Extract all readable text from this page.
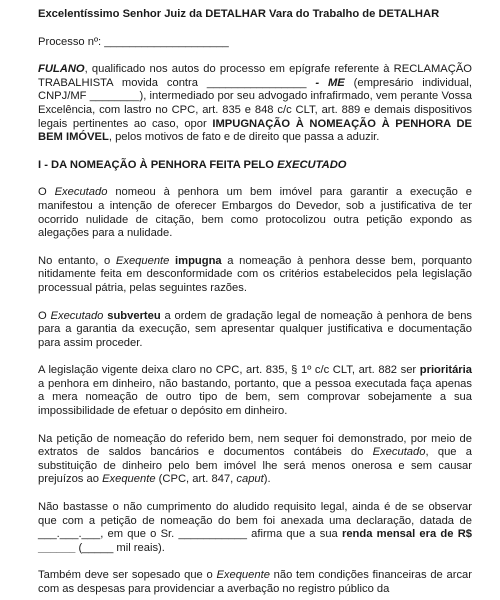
Excelentíssimo Senhor Juiz da DETALHAR Vara do Trabalho de DETALHAR
Processo nº: ____________________

FULANO, qualificado nos autos do processo em epígrafe referente à RECLAMAÇÃO TRABALHISTA movida contra ________________ - ME (empresário individual, CNPJ/MF ________), intermediado por seu advogado infrafirmado, vem perante Vossa Excelência, com lastro no CPC, art. 835 e 848 c/c CLT, art. 889 e demais dispositivos legais pertinentes ao caso, opor IMPUGNAÇÃO À NOMEAÇÃO À PENHORA DE BEM IMÓVEL, pelos motivos de fato e de direito que passa a aduzir.

I - DA NOMEAÇÃO À PENHORA FEITA PELO EXECUTADO

O Executado nomeou à penhora um bem imóvel para garantir a execução e manifestou a intenção de oferecer Embargos do Devedor, sob a justificativa de ter ocorrido nulidade de citação, bem como protocolizou outra petição expondo as alegações para a nulidade.

No entanto, o Exequente impugna a nomeação à penhora desse bem, porquanto nitidamente feita em desconformidade com os critérios estabelecidos pela legislação processual pátria, pelas seguintes razões.

O Executado subverteu a ordem de gradação legal de nomeação à penhora de bens para a garantia da execução, sem apresentar qualquer justificativa e documentação para assim proceder.

A legislação vigente deixa claro no CPC, art. 835, § 1º c/c CLT, art. 882 ser prioritária a penhora em dinheiro, não bastando, portanto, que a pessoa executada faça apenas a mera nomeação de outro tipo de bem, sem comprovar sobejamente a sua impossibilidade de efetuar o depósito em dinheiro.

Na petição de nomeação do referido bem, nem sequer foi demonstrado, por meio de extratos de saldos bancários e documentos contábeis do Executado, que a substituição de dinheiro pelo bem imóvel lhe será menos onerosa e sem causar prejuízos ao Exequente (CPC, art. 847, caput).

Não bastasse o não cumprimento do aludido requisito legal, ainda é de se observar que com a petição de nomeação do bem foi anexada uma declaração, datada de ___.___.___, em que o Sr. ___________ afirma que a sua renda mensal era de R$ ______ (_____ mil reais).

Também deve ser sopesado que o Exequente não tem condições financeiras de arcar com as despesas para providenciar a averbação no registro público da
